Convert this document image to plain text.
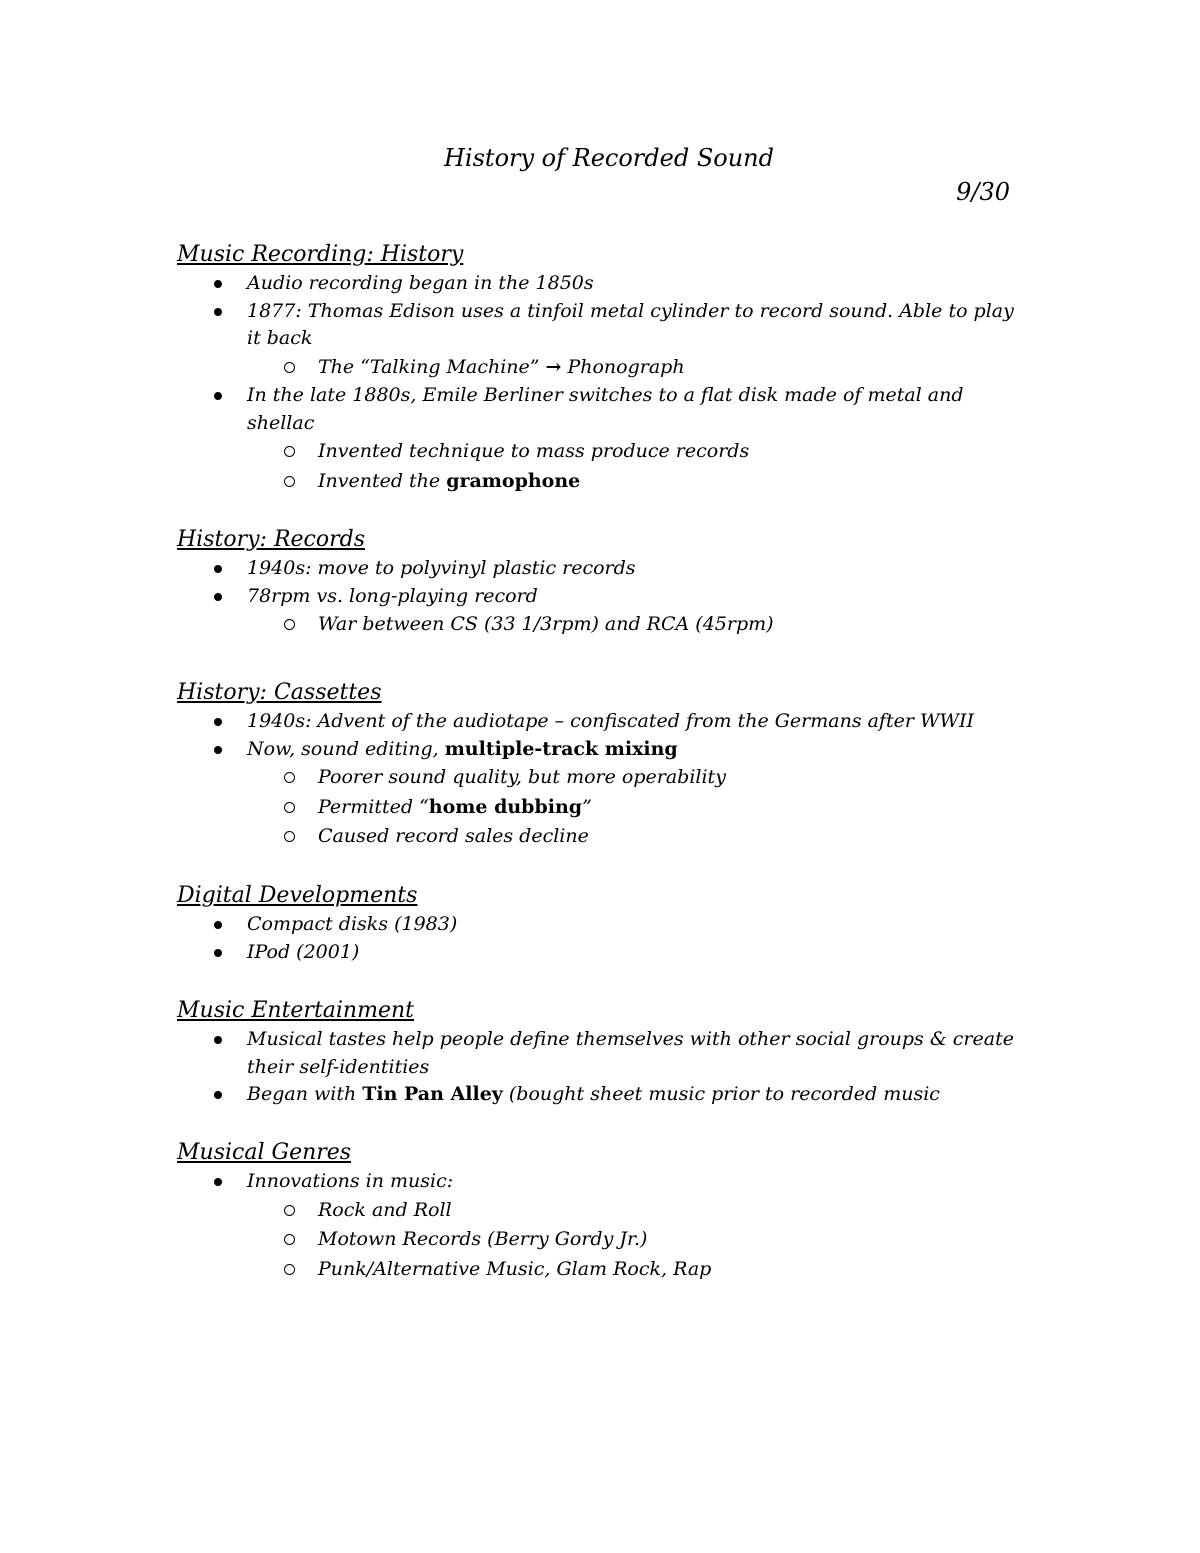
History of Recorded Sound
9/30
Music Recording: History
Audio recording began in the 1850s
1877: Thomas Edison uses a tinfoil metal cylinder to record sound. Able to play it back
The “Talking Machine” → Phonograph
In the late 1880s, Emile Berliner switches to a flat disk made of metal and shellac
Invented technique to mass produce records
Invented the gramophone
History: Records
1940s: move to polyvinyl plastic records
78rpm vs. long-playing record
War between CS (33 1/3rpm) and RCA (45rpm)
History: Cassettes
1940s: Advent of the audiotape – confiscated from the Germans after WWII
Now, sound editing, multiple-track mixing
Poorer sound quality, but more operability
Permitted “home dubbing”
Caused record sales decline
Digital Developments
Compact disks (1983)
IPod (2001)
Music Entertainment
Musical tastes help people define themselves with other social groups & create their self-identities
Began with Tin Pan Alley (bought sheet music prior to recorded music
Musical Genres
Innovations in music:
Rock and Roll
Motown Records (Berry Gordy Jr.)
Punk/Alternative Music, Glam Rock, Rap
